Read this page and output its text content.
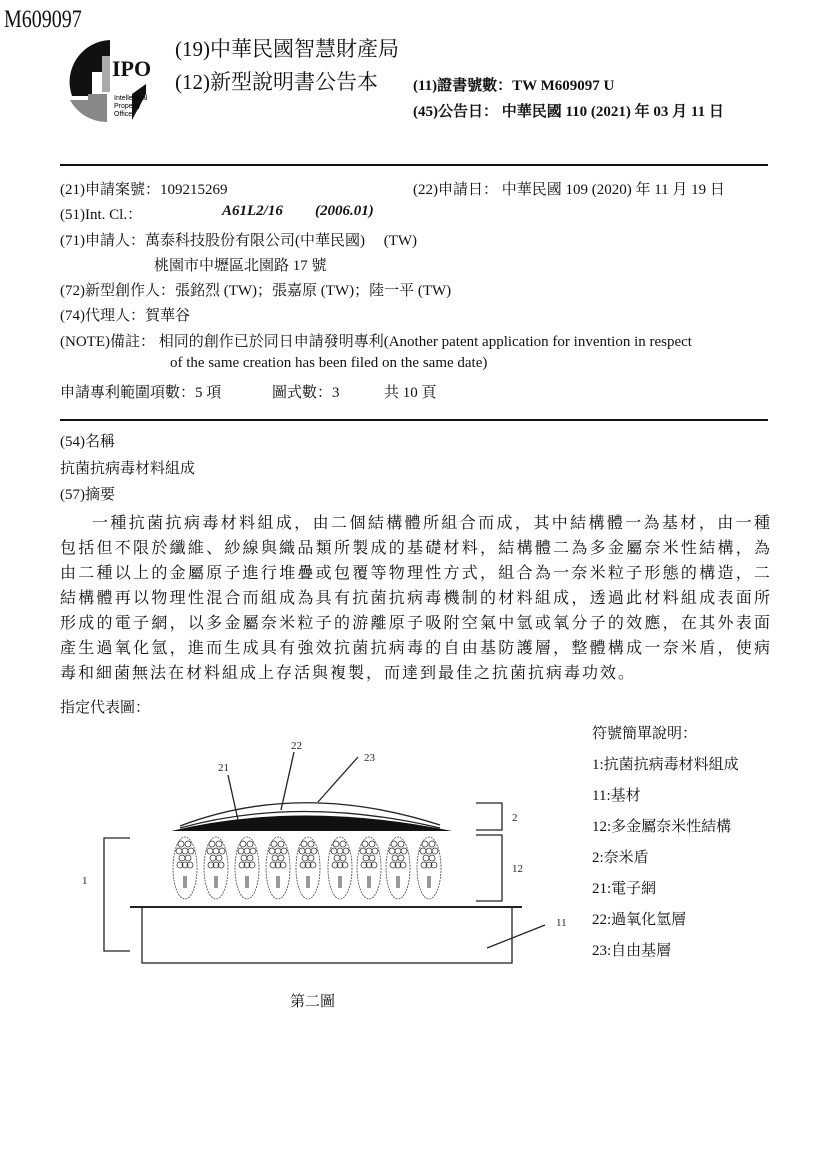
M609097
IPO
Intellectual
Property
Office
(19)中華民國智慧財產局
(12)新型說明書公告本 (11)證書號數：TW M609097 U
(45)公告日： 中華民國 110 (2021) 年 03 月 11 日
(21)申請案號：109215269	(22)申請日： 中華民國 109 (2020) 年 11 月 19 日
(51)Int. Cl.：	A61L2/16 (2006.01)
(71)申請人：萬泰科技股份有限公司(中華民國)　 (TW)
桃園市中壢區北園路 17 號
(72)新型創作人：張銘烈 (TW)；張嘉原 (TW)；陸一平 (TW)
(74)代理人：賀華谷
(NOTE)備註： 相同的創作已於同日申請發明專利(Another patent application for invention in respect
of the same creation has been filed on the same date)
申請專利範圍項數：5 項	圖式數：3	共 10 頁
(54)名稱
抗菌抗病毒材料組成
(57)摘要
一種抗菌抗病毒材料組成，由二個結構體所組合而成，其中結構體一為基材，由一種包括但不限於纖維、紗線與織品類所製成的基礎材料，結構體二為多金屬奈米性結構，為由二種以上的金屬原子進行堆疊或包覆等物理性方式，組合為一奈米粒子形態的構造，二結構體再以物理性混合而組成為具有抗菌抗病毒機制的材料組成，透過此材料組成表面所形成的電子網，以多金屬奈米粒子的游離原子吸附空氣中氫或氧分子的效應，在其外表面產生過氧化氫，進而生成具有強效抗菌抗病毒的自由基防護層，整體構成一奈米盾，使病毒和細菌無法在材料組成上存活與複製，而達到最佳之抗菌抗病毒功效。
指定代表圖：
符號簡單說明：
1:抗菌抗病毒材料組成
11:基材
12:多金屬奈米性結構
2:奈米盾
21:電子網
22:過氧化氫層
23:自由基層
1
2
12
11
21
22
23
第二圖
